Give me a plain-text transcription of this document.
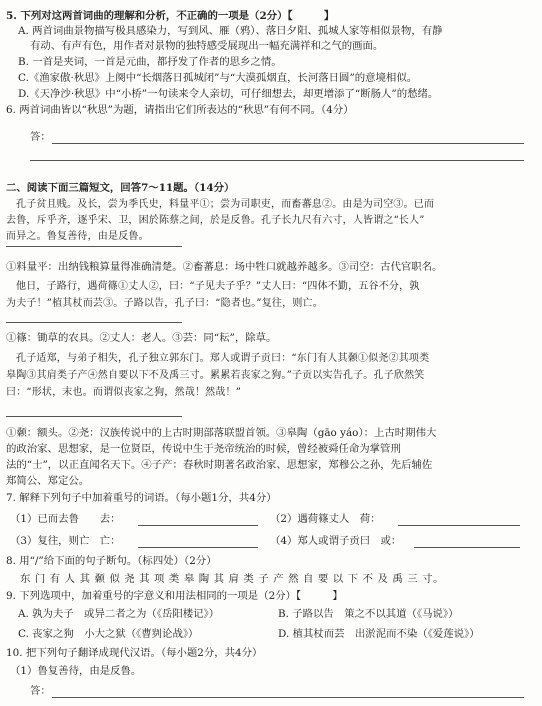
5. 下列对这两首词曲的理解和分析，不正确的一项是（2分）【　　　】
A. 两首词曲景物描写极具感染力，写到风、雁（鸦）、落日夕阳、孤城人家等相似景物，有静
有动、有声有色，用作者对景物的独特感受展现出一幅充满祥和之气的画面。
B. 一首是夹词，一首是元曲，都抒发了作者的思乡之情。
C.《渔家傲·秋思》上阕中“长烟落日孤城闭”与“大漠孤烟直，长河落日圆”的意境相似。
D.《天净沙·秋思》中“小桥”一句读来令人亲切，可仔细想去，却更增添了“断肠人”的愁绪。
6. 两首词曲皆以“秋思”为题，请指出它们所表达的“秋思”有何不同。（4分）
答：
二、阅读下面三篇短文，回答7～11题。（14分）
孔子贫且贱。及长，尝为季氏史，料量平①；尝为司职吏，而畜蕃息②。由是为司空③。已而
去鲁，斥乎齐，逐乎宋、卫，困於陈蔡之间，於是反鲁。孔子长九尺有六寸，人皆谓之“长人”
而异之。鲁复善待，由是反鲁。
①料量平：出纳钱粮算量得准确清楚。②畜蕃息：场中牲口就越养越多。③司空：古代官职名。
他日，子路行，遇荷篠①丈人②，曰：“子见夫子乎？”丈人曰：“四体不勤，五谷不分，孰
为夫子！”植其杖而芸③。子路以告，孔子曰：“隐者也。”复往，则亡。
①篠：锄草的农具。②丈人：老人。③芸：同“耘”，除草。
孔子适郑，与弟子相失，孔子独立郭东门。郑人或谓子贡曰：“东门有人其颡①似尧②其项类
皋陶③其肩类子产④然自要以下不及禹三寸。累累若丧家之狗。”子贡以实告孔子。孔子欣然笑
曰：“形状，末也。而谓似丧家之狗，然哉！然哉！”
①颡：额头。②尧：汉族传说中的上古时期部落联盟首领。③皋陶（gāo yáo）：上古时期伟大
的政治家、思想家，是一位贤臣，传说中生于尧帝统治的时候，曾经被舜任命为掌管刑
法的“士”，以正直闻名天下。④子产：春秋时期著名政治家、思想家，郑穆公之孙，先后辅佐
郑简公、郑定公。
7. 解释下列句子中加着重号的词语。（每小题1分，共4分）
（1）已而去鲁　　去：	（2）遇荷篠丈人　荷：
（3）复往，则亡　亡：	（4）郑人或谓子贡曰　或：
8. 用“/”给下面的句子断句。（标四处）（2分）
东 门 有 人 其 颡 似 尧 其 项 类 皋 陶 其 肩 类 子 产 然 自 要 以 下 不 及 禹 三 寸。
9. 下列选项中，加着重号的字意义和用法相同的一项是（2分）【　　　】
A. 孰为夫子　或异二者之为（《岳阳楼记》）	B. 子路以告　策之不以其道（《马说》）
C. 丧家之狗　小大之狱（《曹刿论战》）	D. 植其杖而芸　出淤泥而不染（《爱莲说》）
10. 把下列句子翻译成现代汉语。（每小题2分，共4分）
（1）鲁复善待，由是反鲁。
答：
